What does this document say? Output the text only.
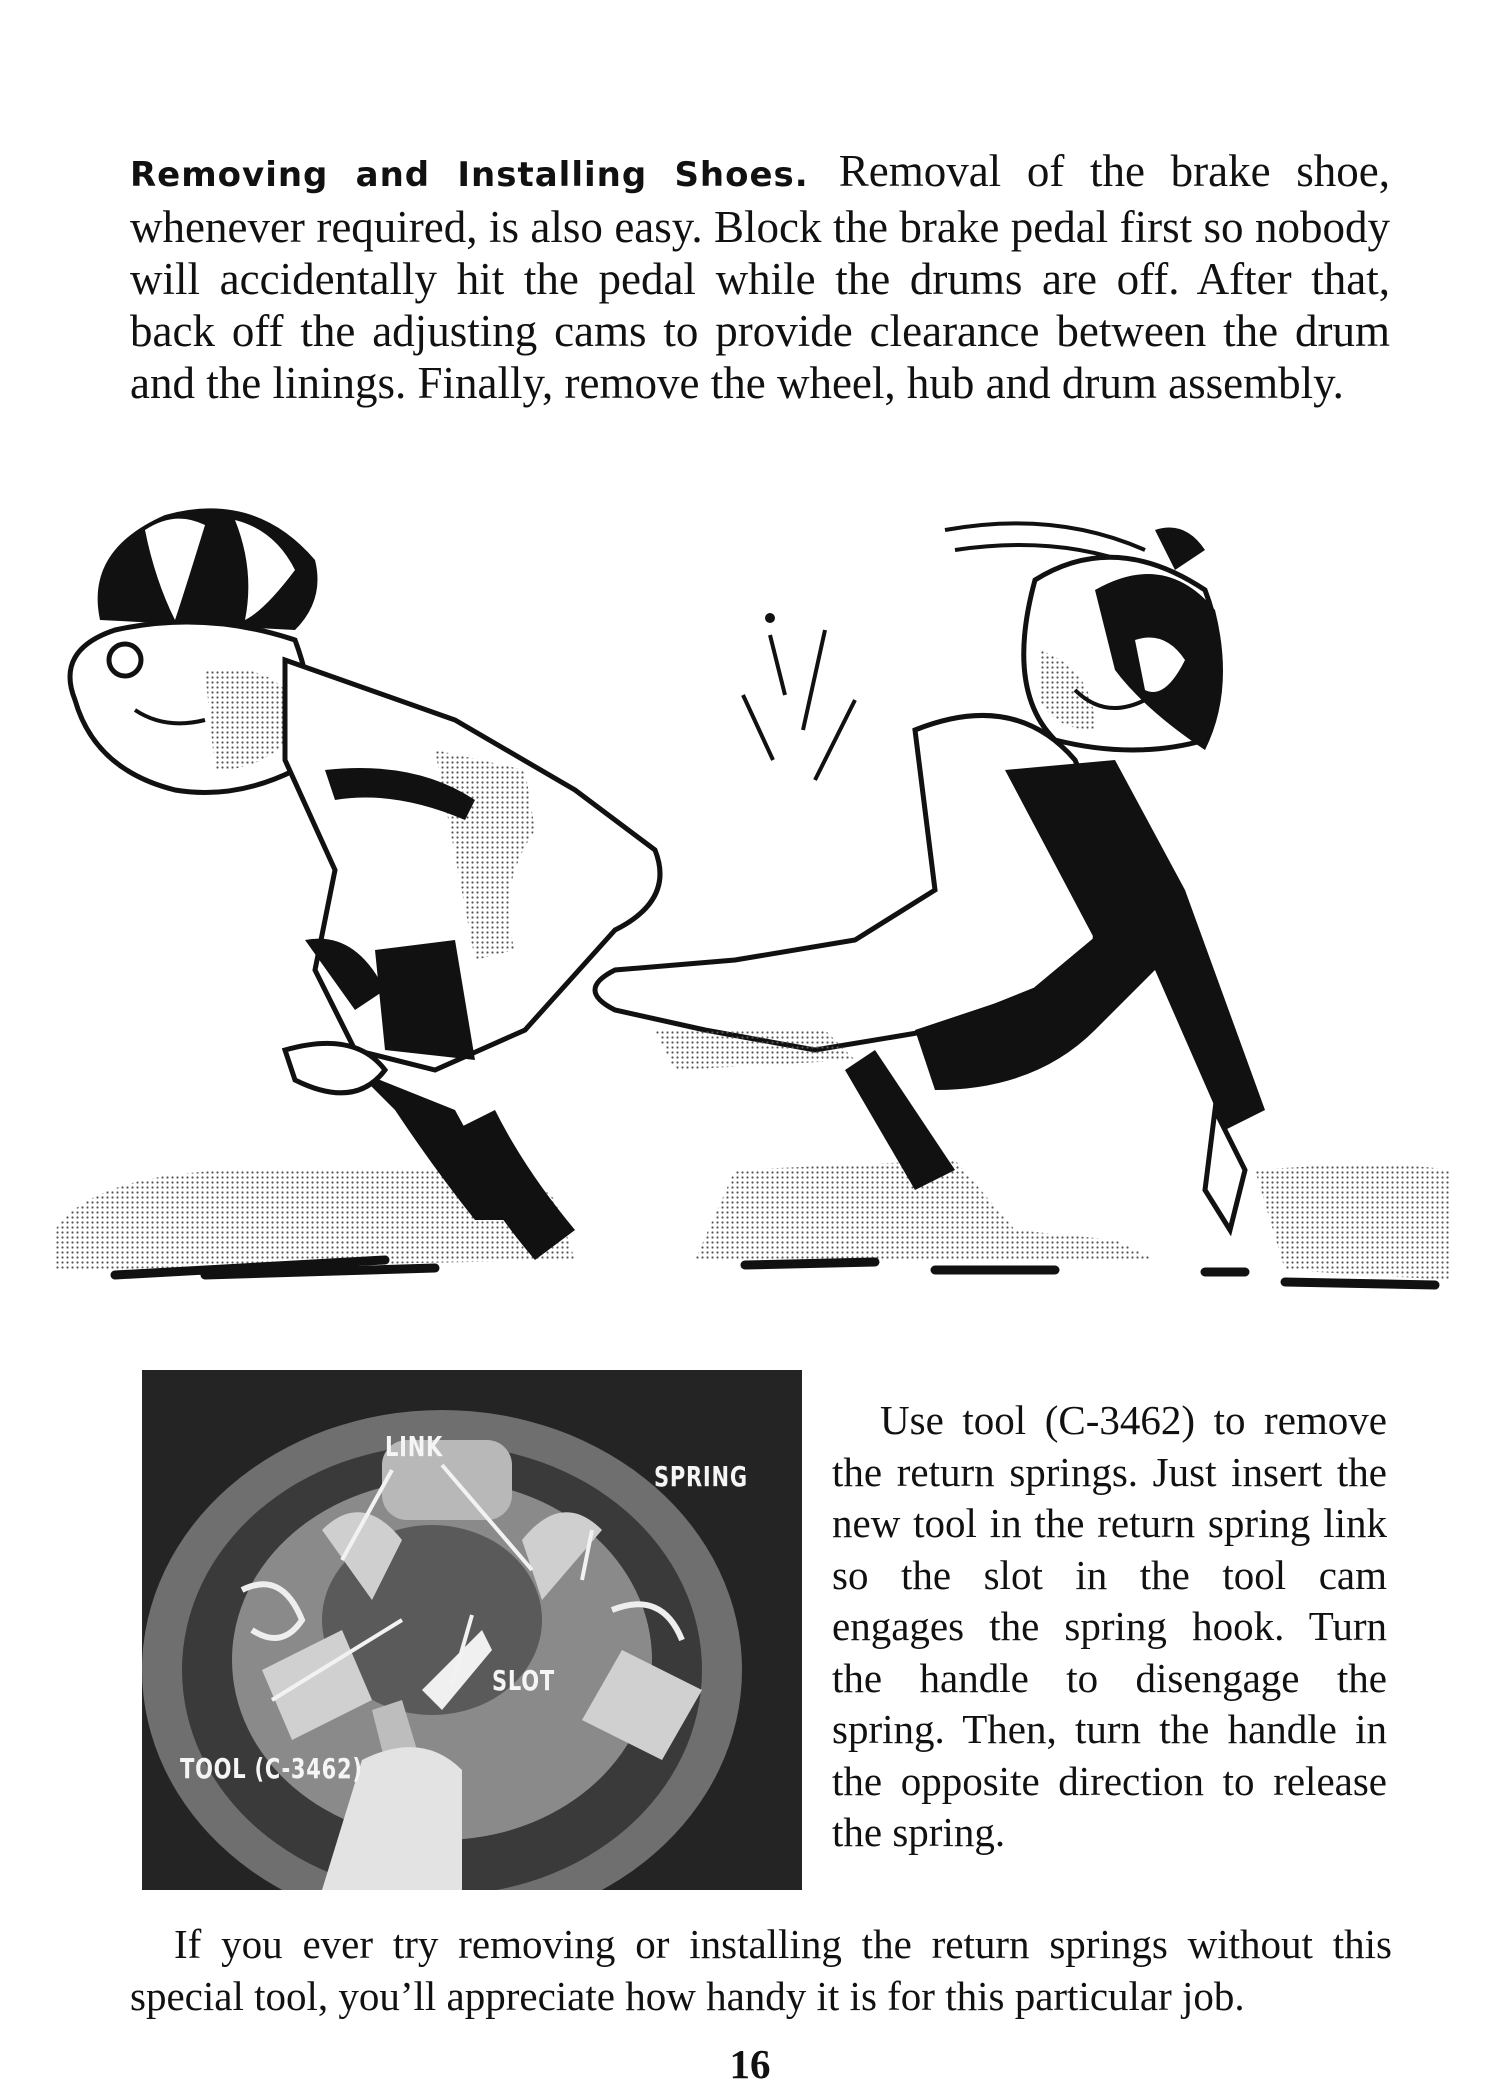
Removing and Installing Shoes. Removal of the brake shoe, whenever required, is also easy. Block the brake pedal first so nobody will accidentally hit the pedal while the drums are off. After that, back off the adjusting cams to provide clearance between the drum and the linings. Finally, remove the wheel, hub and drum assembly.
LINK
SPRING
SLOT
TOOL (C-3462)
Use tool (C-3462) to remove the return springs. Just insert the new tool in the return spring link so the slot in the tool cam engages the spring hook. Turn the handle to disengage the spring. Then, turn the handle in the opposite direction to release the spring.
If you ever try removing or installing the return springs without this special tool, you’ll appreciate how handy it is for this particular job.
16
